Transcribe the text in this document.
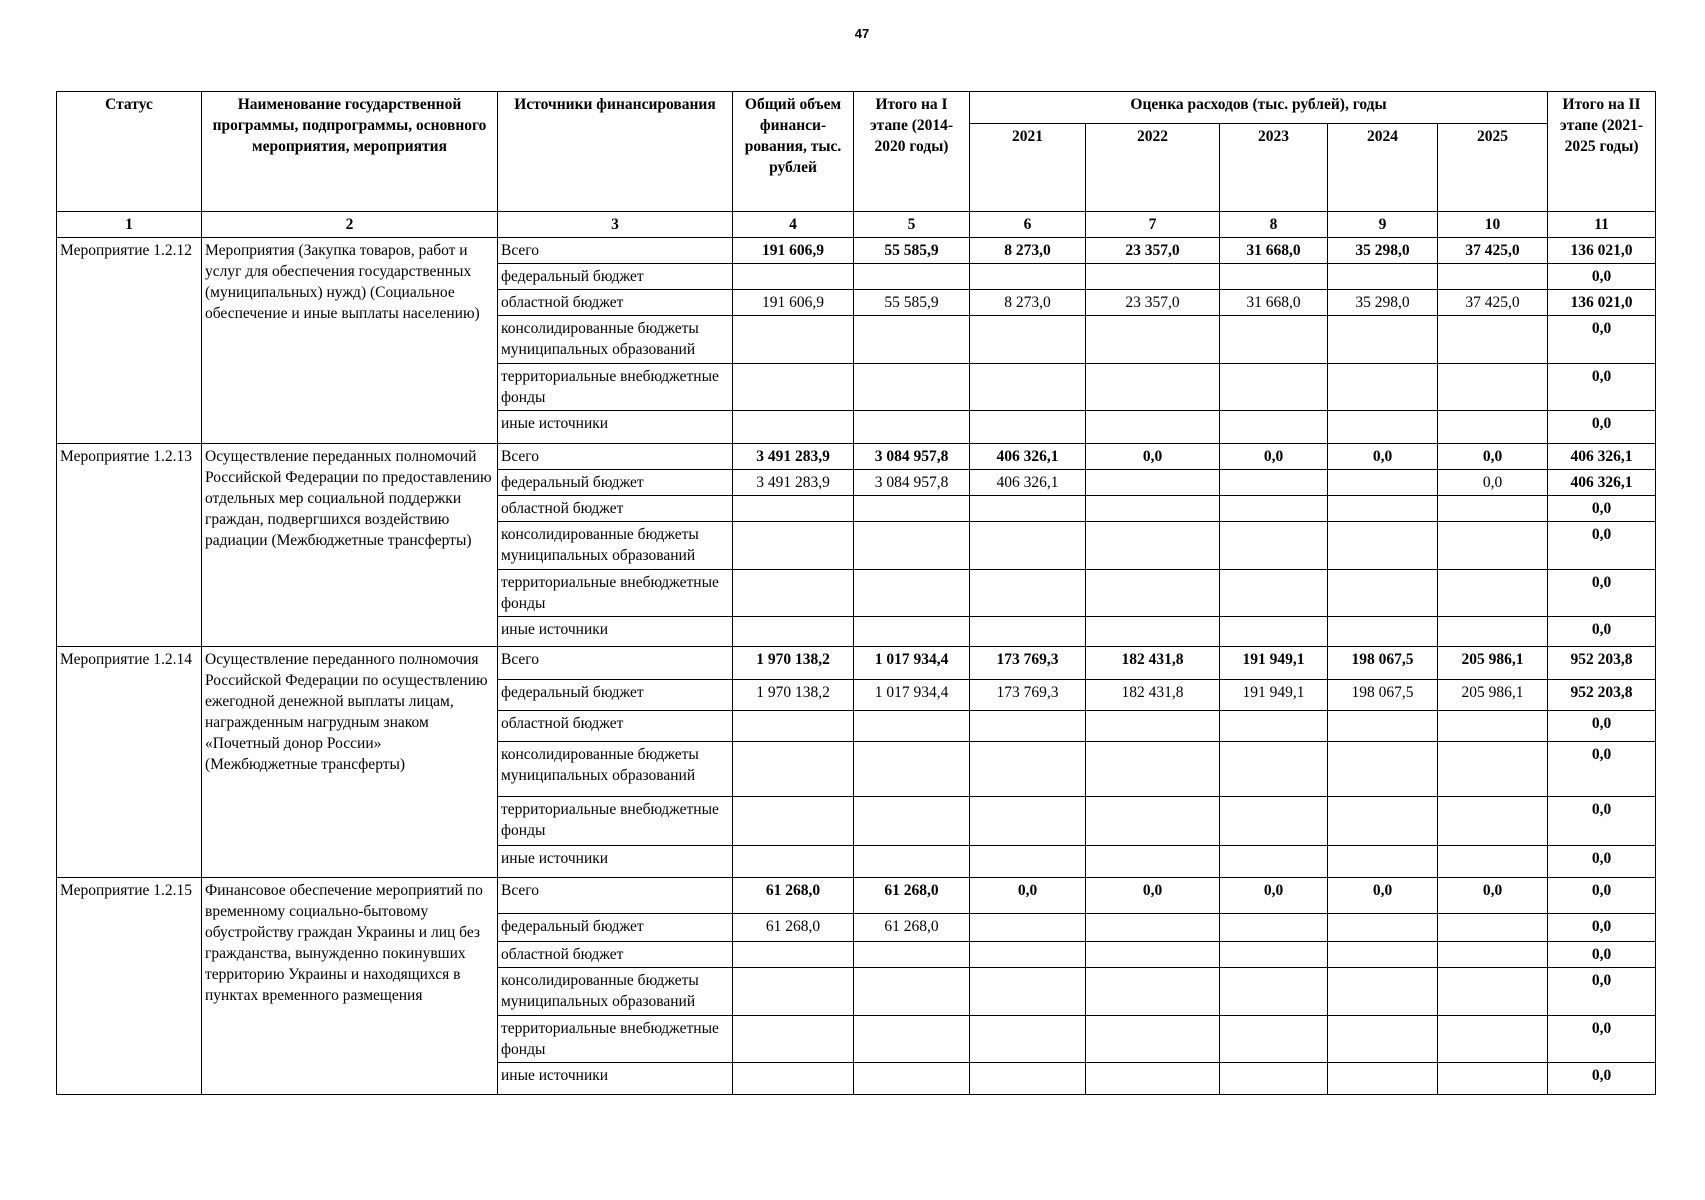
47
Статус	Наименование государственной программы, подпрограммы, основного мероприятия, мероприятия	Источники финансирования	Общий объем финанси-рования, тыс. рублей	Итого на I этапе (2014-2020 годы)	Оценка расходов (тыс. рублей), годы					Итого на II этапе (2021-2025 годы)
					2021	2022	2023	2024	2025	
1	2	3	4	5	6	7	8	9	10	11
Мероприятие 1.2.12	Мероприятия (Закупка товаров, работ и услуг для обеспечения государственных (муниципальных) нужд) (Социальное обеспечение и иные выплаты населению)	Всего	191 606,9	55 585,9	8 273,0	23 357,0	31 668,0	35 298,0	37 425,0	136 021,0
		федеральный бюджет								0,0
		областной бюджет	191 606,9	55 585,9	8 273,0	23 357,0	31 668,0	35 298,0	37 425,0	136 021,0
		консолидированные бюджеты муниципальных образований								0,0
		территориальные внебюджетные фонды								0,0
		иные источники								0,0
Мероприятие 1.2.13	Осуществление переданных полномочий Российской Федерации по предоставлению отдельных мер социальной поддержки граждан, подвергшихся воздействию радиации (Межбюджетные трансферты)	Всего	3 491 283,9	3 084 957,8	406 326,1	0,0	0,0	0,0	0,0	406 326,1
		федеральный бюджет	3 491 283,9	3 084 957,8	406 326,1				0,0	406 326,1
		областной бюджет								0,0
		консолидированные бюджеты муниципальных образований								0,0
		территориальные внебюджетные фонды								0,0
		иные источники								0,0
Мероприятие 1.2.14	Осуществление переданного полномочия Российской Федерации по осуществлению ежегодной денежной выплаты лицам, награжденным нагрудным знаком «Почетный донор России» (Межбюджетные трансферты)	Всего	1 970 138,2	1 017 934,4	173 769,3	182 431,8	191 949,1	198 067,5	205 986,1	952 203,8
		федеральный бюджет	1 970 138,2	1 017 934,4	173 769,3	182 431,8	191 949,1	198 067,5	205 986,1	952 203,8
		областной бюджет								0,0
		консолидированные бюджеты муниципальных образований								0,0
		территориальные внебюджетные фонды								0,0
		иные источники								0,0
Мероприятие 1.2.15	Финансовое обеспечение мероприятий по временному социально-бытовому обустройству граждан Украины и лиц без гражданства, вынужденно покинувших территорию Украины и находящихся в пунктах временного размещения	Всего	61 268,0	61 268,0	0,0	0,0	0,0	0,0	0,0	0,0
		федеральный бюджет	61 268,0	61 268,0						0,0
		областной бюджет								0,0
		консолидированные бюджеты муниципальных образований								0,0
		территориальные внебюджетные фонды								0,0
		иные источники								0,0
